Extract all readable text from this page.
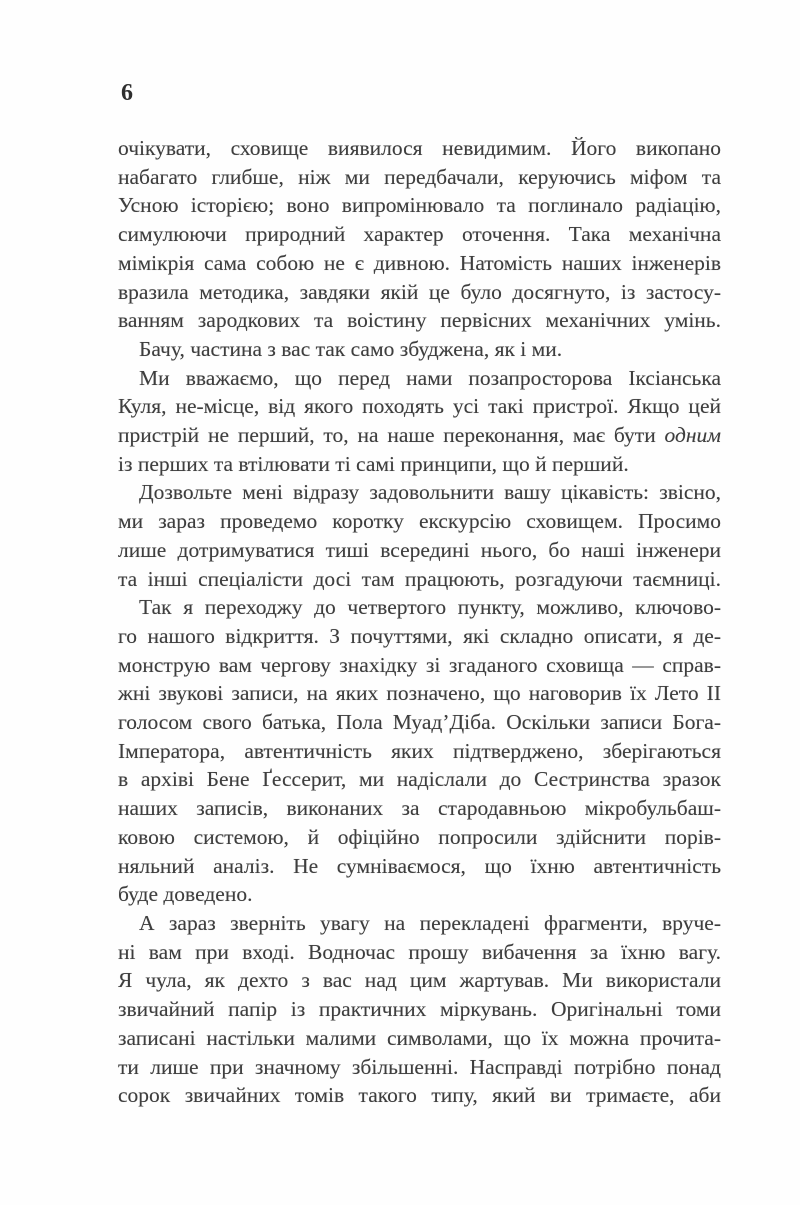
6
очікувати, сховище виявилося невидимим. Його викопано
набагато глибше, ніж ми передбачали, керуючись міфом та
Усною історією; воно випромінювало та поглинало радіацію,
симулюючи природний характер оточення. Така механічна
мімікрія сама собою не є дивною. Натомість наших інженерів
вразила методика, завдяки якій це було досягнуто, із застосу-
ванням зародкових та воістину первісних механічних умінь.
Бачу, частина з вас так само збуджена, як і ми.
Ми вважаємо, що перед нами позапросторова Іксіанська
Куля, не-місце, від якого походять усі такі пристрої. Якщо цей
пристрій не перший, то, на наше переконання, має бути одним
із перших та втілювати ті самі принципи, що й перший.
Дозвольте мені відразу задовольнити вашу цікавість: звісно,
ми зараз проведемо коротку екскурсію сховищем. Просимо
лише дотримуватися тиші всередині нього, бо наші інженери
та інші спеціалісти досі там працюють, розгадуючи таємниці.
Так я переходжу до четвертого пункту, можливо, ключово-
го нашого відкриття. З почуттями, які складно описати, я де-
монструю вам чергову знахідку зі згаданого сховища — справ-
жні звукові записи, на яких позначено, що наговорив їх Лето II
голосом свого батька, Пола Муад’Діба. Оскільки записи Бога-
Імператора, автентичність яких підтверджено, зберігаються
в архіві Бене Ґессерит, ми надіслали до Сестринства зразок
наших записів, виконаних за стародавньою мікробульбаш-
ковою системою, й офіційно попросили здійснити порів-
няльний аналіз. Не сумніваємося, що їхню автентичність
буде доведено.
А зараз зверніть увагу на перекладені фрагменти, вруче-
ні вам при вході. Водночас прошу вибачення за їхню вагу.
Я чула, як дехто з вас над цим жартував. Ми використали
звичайний папір із практичних міркувань. Оригінальні томи
записані настільки малими символами, що їх можна прочита-
ти лише при значному збільшенні. Насправді потрібно понад
сорок звичайних томів такого типу, який ви тримаєте, аби
